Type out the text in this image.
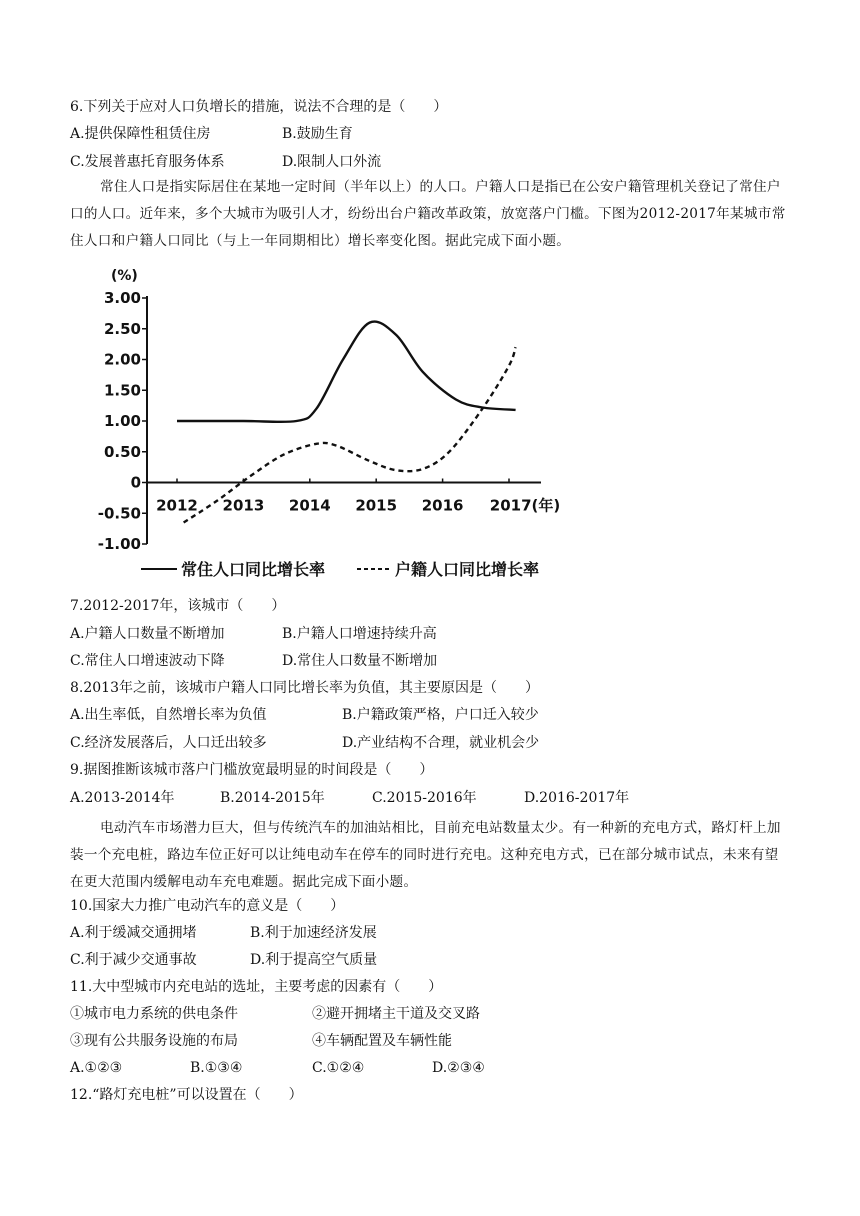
6.下列关于应对人口负增长的措施，说法不合理的是（　　）
A.提供保障性租赁住房	B.鼓励生育
C.发展普惠托育服务体系	D.限制人口外流
常住人口是指实际居住在某地一定时间（半年以上）的人口。户籍人口是指已在公安户籍管理机关登记了常住户口的人口。近年来，多个大城市为吸引人才，纷纷出台户籍改革政策，放宽落户门槛。下图为2012-2017年某城市常住人口和户籍人口同比（与上一年同期相比）增长率变化图。据此完成下面小题。
(%)
3.00
2.50
2.00
1.50
1.00
0.50
0
-0.50
-1.00
2012 2013 2014 2015 2016 2017(年)
常住人口同比增长率	户籍人口同比增长率
7.2012-2017年，该城市（　　）
A.户籍人口数量不断增加	B.户籍人口增速持续升高
C.常住人口增速波动下降	D.常住人口数量不断增加
8.2013年之前，该城市户籍人口同比增长率为负值，其主要原因是（　　）
A.出生率低，自然增长率为负值	B.户籍政策严格，户口迁入较少
C.经济发展落后，人口迁出较多	D.产业结构不合理，就业机会少
9.据图推断该城市落户门槛放宽最明显的时间段是（　　）
A.2013-2014年	B.2014-2015年	C.2015-2016年	D.2016-2017年
电动汽车市场潜力巨大，但与传统汽车的加油站相比，目前充电站数量太少。有一种新的充电方式，路灯杆上加装一个充电桩，路边车位正好可以让纯电动车在停车的同时进行充电。这种充电方式，已在部分城市试点，未来有望在更大范围内缓解电动车充电难题。据此完成下面小题。
10.国家大力推广电动汽车的意义是（　　）
A.利于缓减交通拥堵	B.利于加速经济发展
C.利于减少交通事故	D.利于提高空气质量
11.大中型城市内充电站的选址，主要考虑的因素有（　　）
①城市电力系统的供电条件	②避开拥堵主干道及交叉路
③现有公共服务设施的布局	④车辆配置及车辆性能
A.①②③	B.①③④	C.①②④	D.②③④
12.“路灯充电桩”可以设置在（　　）
